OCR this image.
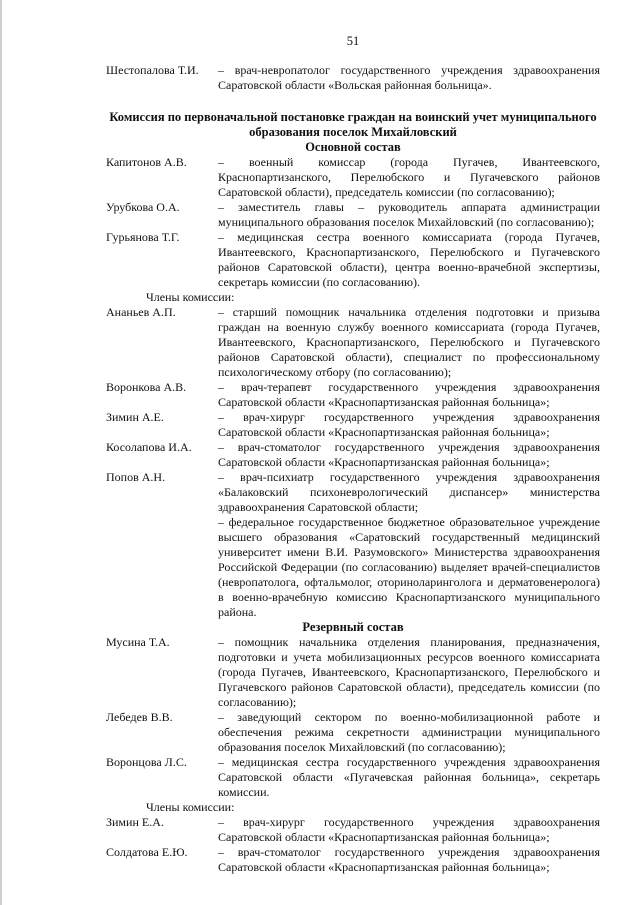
51
Шестопалова Т.И.	– врач-невропатолог государственного учреждения здравоохранения Саратовской области «Вольская районная больница».
Комиссия по первоначальной постановке граждан на воинский учет муниципального образования поселок Михайловский
Основной состав
Капитонов А.В.	– военный комиссар (города Пугачев, Ивантеевского, Краснопартизанского, Перелюбского и Пугачевского районов Саратовской области), председатель комиссии (по согласованию);
Урубкова О.А.	– заместитель главы – руководитель аппарата администрации муниципального образования поселок Михайловский (по согласованию);
Гурьянова Т.Г.	– медицинская сестра военного комиссариата (города Пугачев, Ивантеевского, Краснопартизанского, Перелюбского и Пугачевского районов Саратовской области), центра военно-врачебной экспертизы, секретарь комиссии (по согласованию).
Члены комиссии:
Ананьев А.П.	– старший помощник начальника отделения подготовки и призыва граждан на военную службу военного комиссариата (города Пугачев, Ивантеевского, Краснопартизанского, Перелюбского и Пугачевского районов Саратовской области), специалист по профессиональному психологическому отбору (по согласованию);
Воронкова А.В.	– врач-терапевт государственного учреждения здравоохранения Саратовской области «Краснопартизанская районная больница»;
Зимин А.Е.	– врач-хирург государственного учреждения здравоохранения Саратовской области «Краснопартизанская районная больница»;
Косолапова И.А.	– врач-стоматолог государственного учреждения здравоохранения Саратовской области «Краснопартизанская районная больница»;
Попов А.Н.	– врач-психиатр государственного учреждения здравоохранения «Балаковский психоневрологический диспансер» министерства здравоохранения Саратовской области;
– федеральное государственное бюджетное образовательное учреждение высшего образования «Саратовский государственный медицинский университет имени В.И. Разумовского» Министерства здравоохранения Российской Федерации (по согласованию) выделяет врачей-специалистов (невропатолога, офтальмолог, оториноларинголога и дерматовенеролога) в военно-врачебную комиссию Краснопартизанского муниципального района.
Резервный состав
Мусина Т.А.	– помощник начальника отделения планирования, предназначения, подготовки и учета мобилизационных ресурсов военного комиссариата (города Пугачев, Ивантеевского, Краснопартизанского, Перелюбского и Пугачевского районов Саратовской области), председатель комиссии (по согласованию);
Лебедев В.В.	– заведующий сектором по военно-мобилизационной работе и обеспечения режима секретности администрации муниципального образования поселок Михайловский (по согласованию);
Воронцова Л.С.	– медицинская сестра государственного учреждения здравоохранения Саратовской области «Пугачевская районная больница», секретарь комиссии.
Члены комиссии:
Зимин Е.А.	– врач-хирург государственного учреждения здравоохранения Саратовской области «Краснопартизанская районная больница»;
Солдатова Е.Ю.	– врач-стоматолог государственного учреждения здравоохранения Саратовской области «Краснопартизанская районная больница»;
